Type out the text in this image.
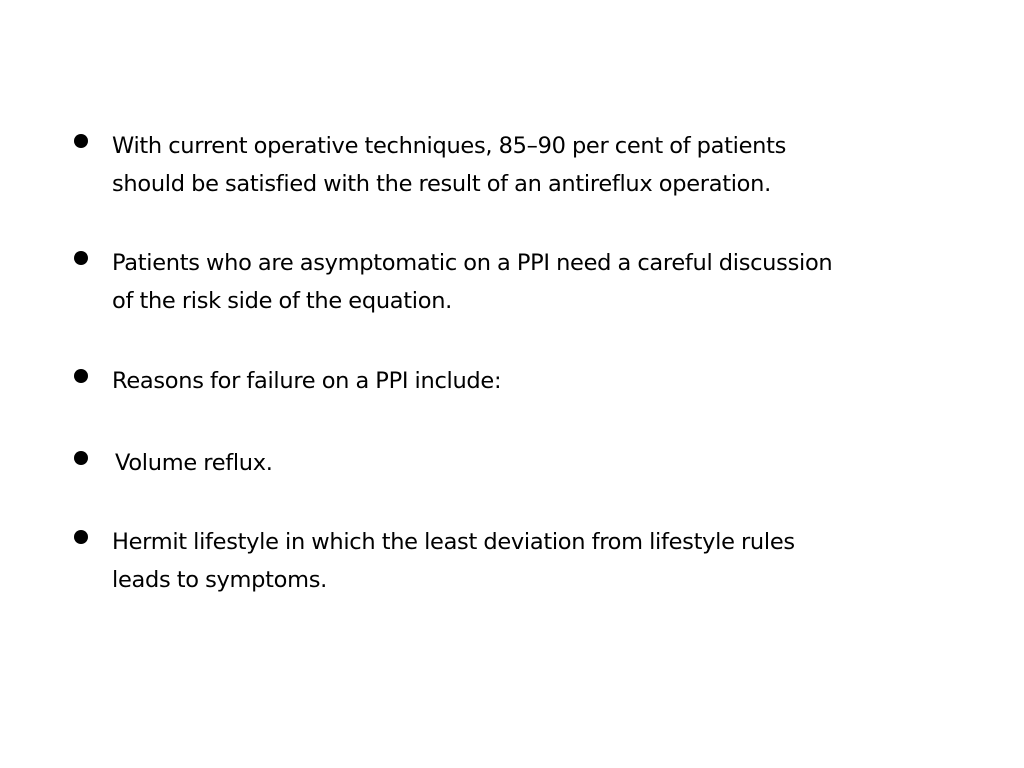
With current operative techniques, 85–90 per cent of patients
should be satisfied with the result of an antireflux operation.
Patients who are asymptomatic on a PPI need a careful discussion
of the risk side of the equation.
Reasons for failure on a PPI include:
Volume reflux.
Hermit lifestyle in which the least deviation from lifestyle rules
leads to symptoms.
